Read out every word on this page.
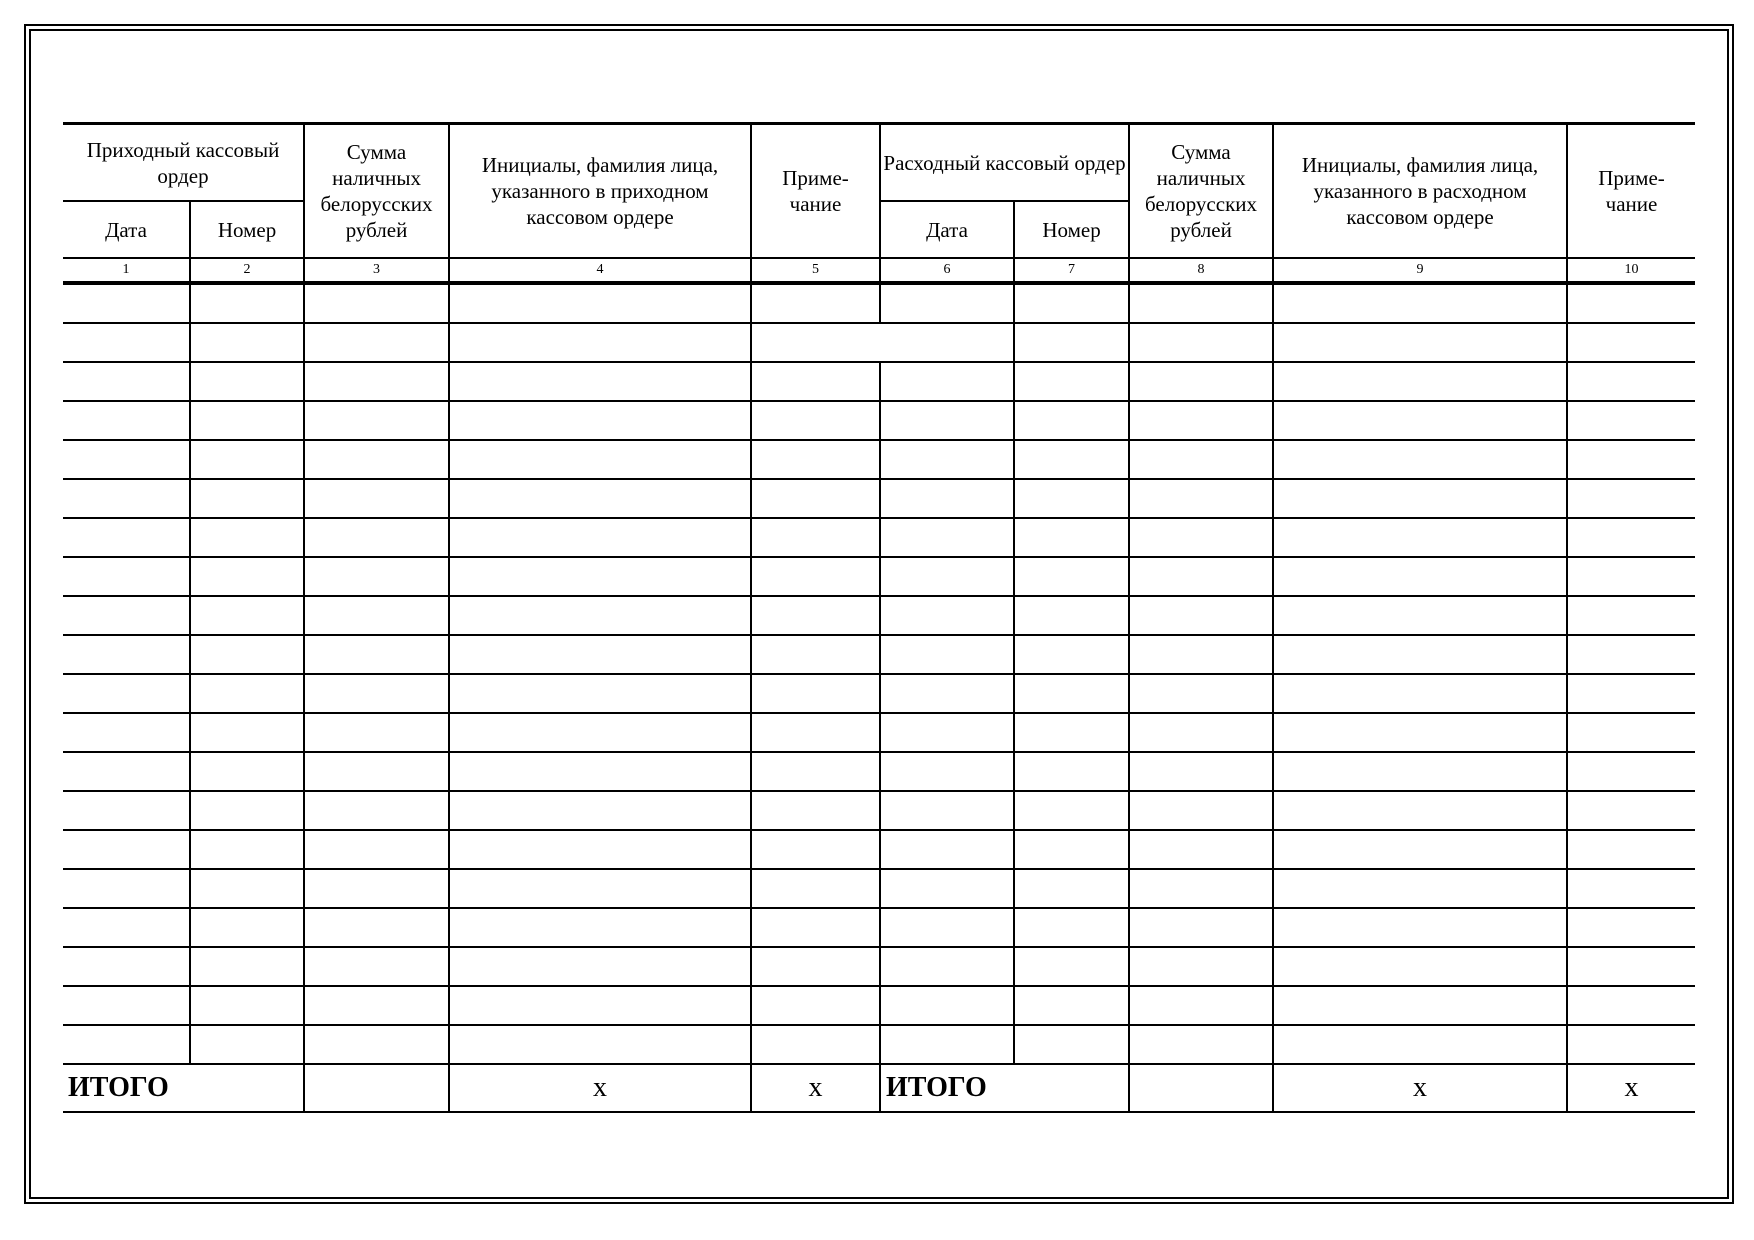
Приходный кассовый ордер		Сумма наличных белорусских рублей	Инициалы, фамилия лица, указанного в приходном кассовом ордере	Приме-
чание	Расходный кассовый ордер		Сумма наличных белорусских рублей	Инициалы, фамилия лица, указанного в расходном кассовом ордере	Приме-
чание
Дата	Номер				Дата	Номер			
1	2	3	4	5	6	7	8	9	10

ИТОГО			х	х	ИТОГО			х	х
